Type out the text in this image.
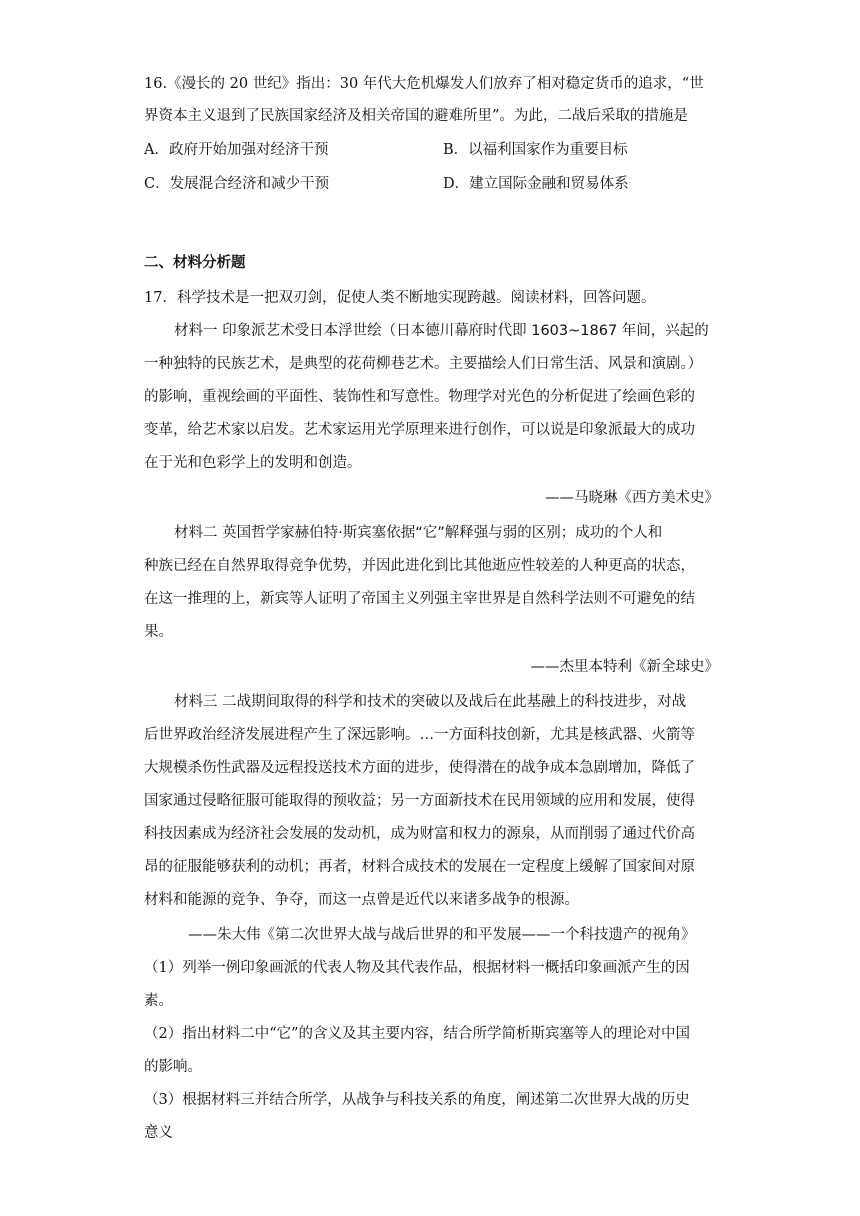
16.《漫长的 20 世纪》指出：30 年代大危机爆发人们放弃了相对稳定货币的追求，“世
界资本主义退到了民族国家经济及相关帝国的避难所里”。为此，二战后采取的措施是
A．政府开始加强对经济干预	B．以福利国家作为重要目标
C．发展混合经济和减少干预	D．建立国际金融和贸易体系
二、材料分析题
17．科学技术是一把双刃剑，促使人类不断地实现跨越。阅读材料，回答问题。
材料一 印象派艺术受日本浮世绘（日本德川幕府时代即 1603~1867 年间，兴起的
一种独特的民族艺术，是典型的花荷柳巷艺术。主要描绘人们日常生活、风景和演剧。）
的影响，重视绘画的平面性、装饰性和写意性。物理学对光色的分析促进了绘画色彩的
变革，给艺术家以启发。艺术家运用光学原理来进行创作，可以说是印象派最大的成功
在于光和色彩学上的发明和创造。
——马晓琳《西方美术史》
材料二 英国哲学家赫伯特·斯宾塞依据“它”解释强与弱的区别；成功的个人和
种族已经在自然界取得竞争优势，并因此进化到比其他逝应性较差的人种更高的状态，
在这一推理的上，新宾等人证明了帝国主义列强主宰世界是自然科学法则不可避免的结
果。
——杰里本特利《新全球史》
材料三 二战期间取得的科学和技术的突破以及战后在此基融上的科技进步，对战
后世界政治经济发展进程产生了深远影响。…一方面科技创新，尤其是核武器、火箭等
大规模杀伤性武器及远程投送技术方面的进步，使得潜在的战争成本急剧增加，降低了
国家通过侵略征服可能取得的预收益；另一方面新技术在民用领域的应用和发展，使得
科技因素成为经济社会发展的发动机，成为财富和权力的源泉，从而削弱了通过代价高
昂的征服能够获利的动机；再者，材料合成技术的发展在一定程度上缓解了国家间对原
材料和能源的竞争、争夺，而这一点曾是近代以来诸多战争的根源。
——朱大伟《第二次世界大战与战后世界的和平发展——一个科技遗产的视角》
（1）列举一例印象画派的代表人物及其代表作品，根据材料一概括印象画派产生的因
素。
（2）指出材料二中“它”的含义及其主要内容，结合所学简析斯宾塞等人的理论对中国
的影响。
（3）根据材料三并结合所学，从战争与科技关系的角度，阐述第二次世界大战的历史
意义
